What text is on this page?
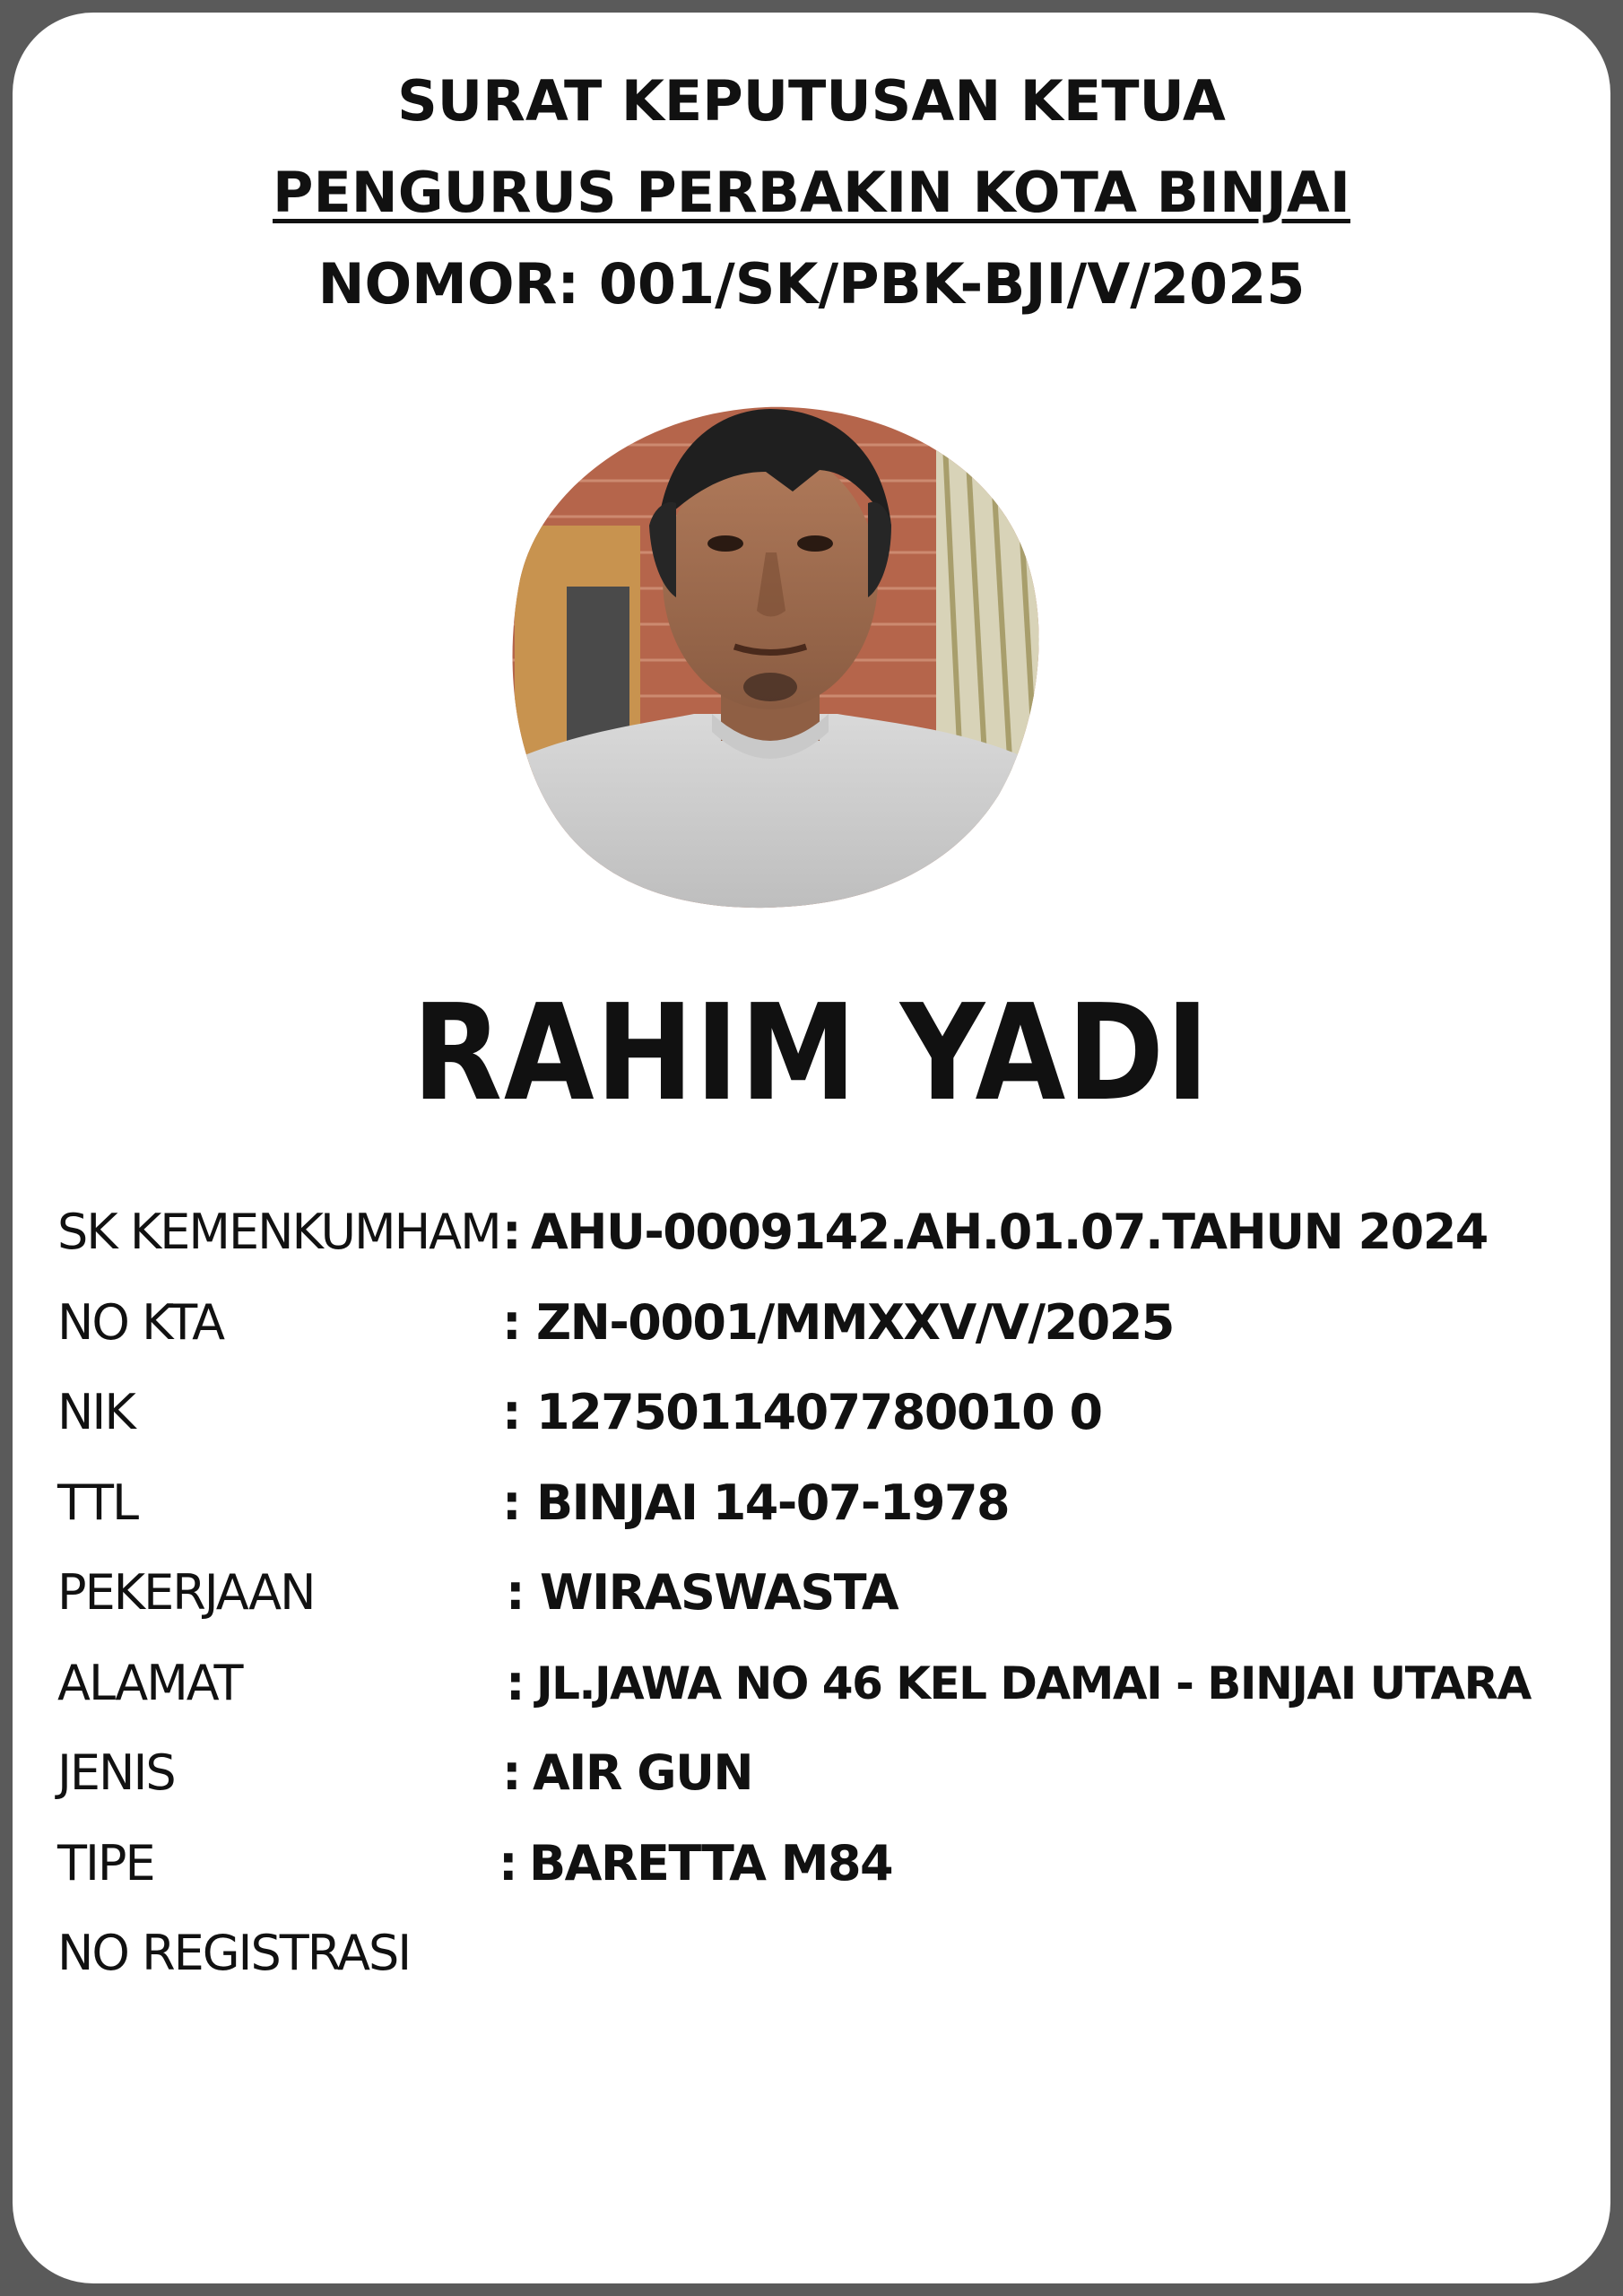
SURAT KEPUTUSAN KETUA
PENGURUS PERBAKIN KOTA BINJAI
NOMOR: 001/SK/PBK-BJI/V/2025
RAHIM YADI
SK KEMENKUMHAM : AHU-0009142.AH.01.07.TAHUN 2024
NO KTA	: ZN-0001/MMXXV/V/2025
NIK	: 1275011407780010 0
TTL	: BINJAI 14-07-1978
PEKERJAAN	: WIRASWASTA
ALAMAT	: JL.JAWA NO 46 KEL DAMAI - BINJAI UTARA
JENIS	: AIR GUN
TIPE	: BARETTA M84
NO REGISTRASI
